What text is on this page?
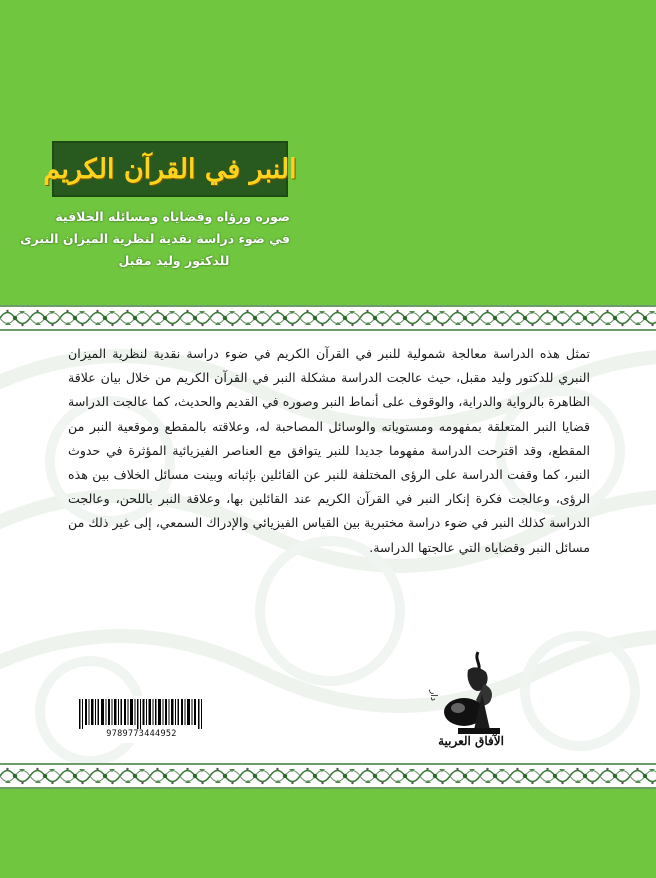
النبر في القرآن الكريم
صوره ورؤاه وقضاياه ومسائله الخلافية
في ضوء دراسة نقدية لنظرية الميزان النبرى
للدكتور وليد مقبل
تمثل هذه الدراسة معالجة شمولية للنبر في القرآن الكريم في ضوء دراسة نقدية لنظرية الميزان النبري للدكتور وليد مقبل، حيث عالجت الدراسة مشكلة النبر في القرآن الكريم من خلال بيان علاقة الظاهرة بالرواية والدراية، والوقوف على أنماط النبر وصوره في القديم والحديث، كما عالجت الدراسة قضايا النبر المتعلقة بمفهومه ومستوياته والوسائل المصاحبة له، وعلاقته بالمقطع وموقعية النبر من المقطع، وقد اقترحت الدراسة مفهوما جديدا للنبر يتوافق مع العناصر الفيزيائية المؤثرة في حدوث النبر، كما وقفت الدراسة على الرؤى المختلفة للنبر عن القائلين بإثباته وبينت مسائل الخلاف بين هذه الرؤى، وعالجت فكرة إنكار النبر في القرآن الكريم عند القائلين بها، وعلاقة النبر باللحن، وعالجت الدراسة كذلك النبر في ضوء دراسة مختبرية بين القياس الفيزيائي والإدراك السمعي، إلى غير ذلك من مسائل النبر وقضاياه التي عالجتها الدراسة.
9789773444952
دار
الآفاق العربية
